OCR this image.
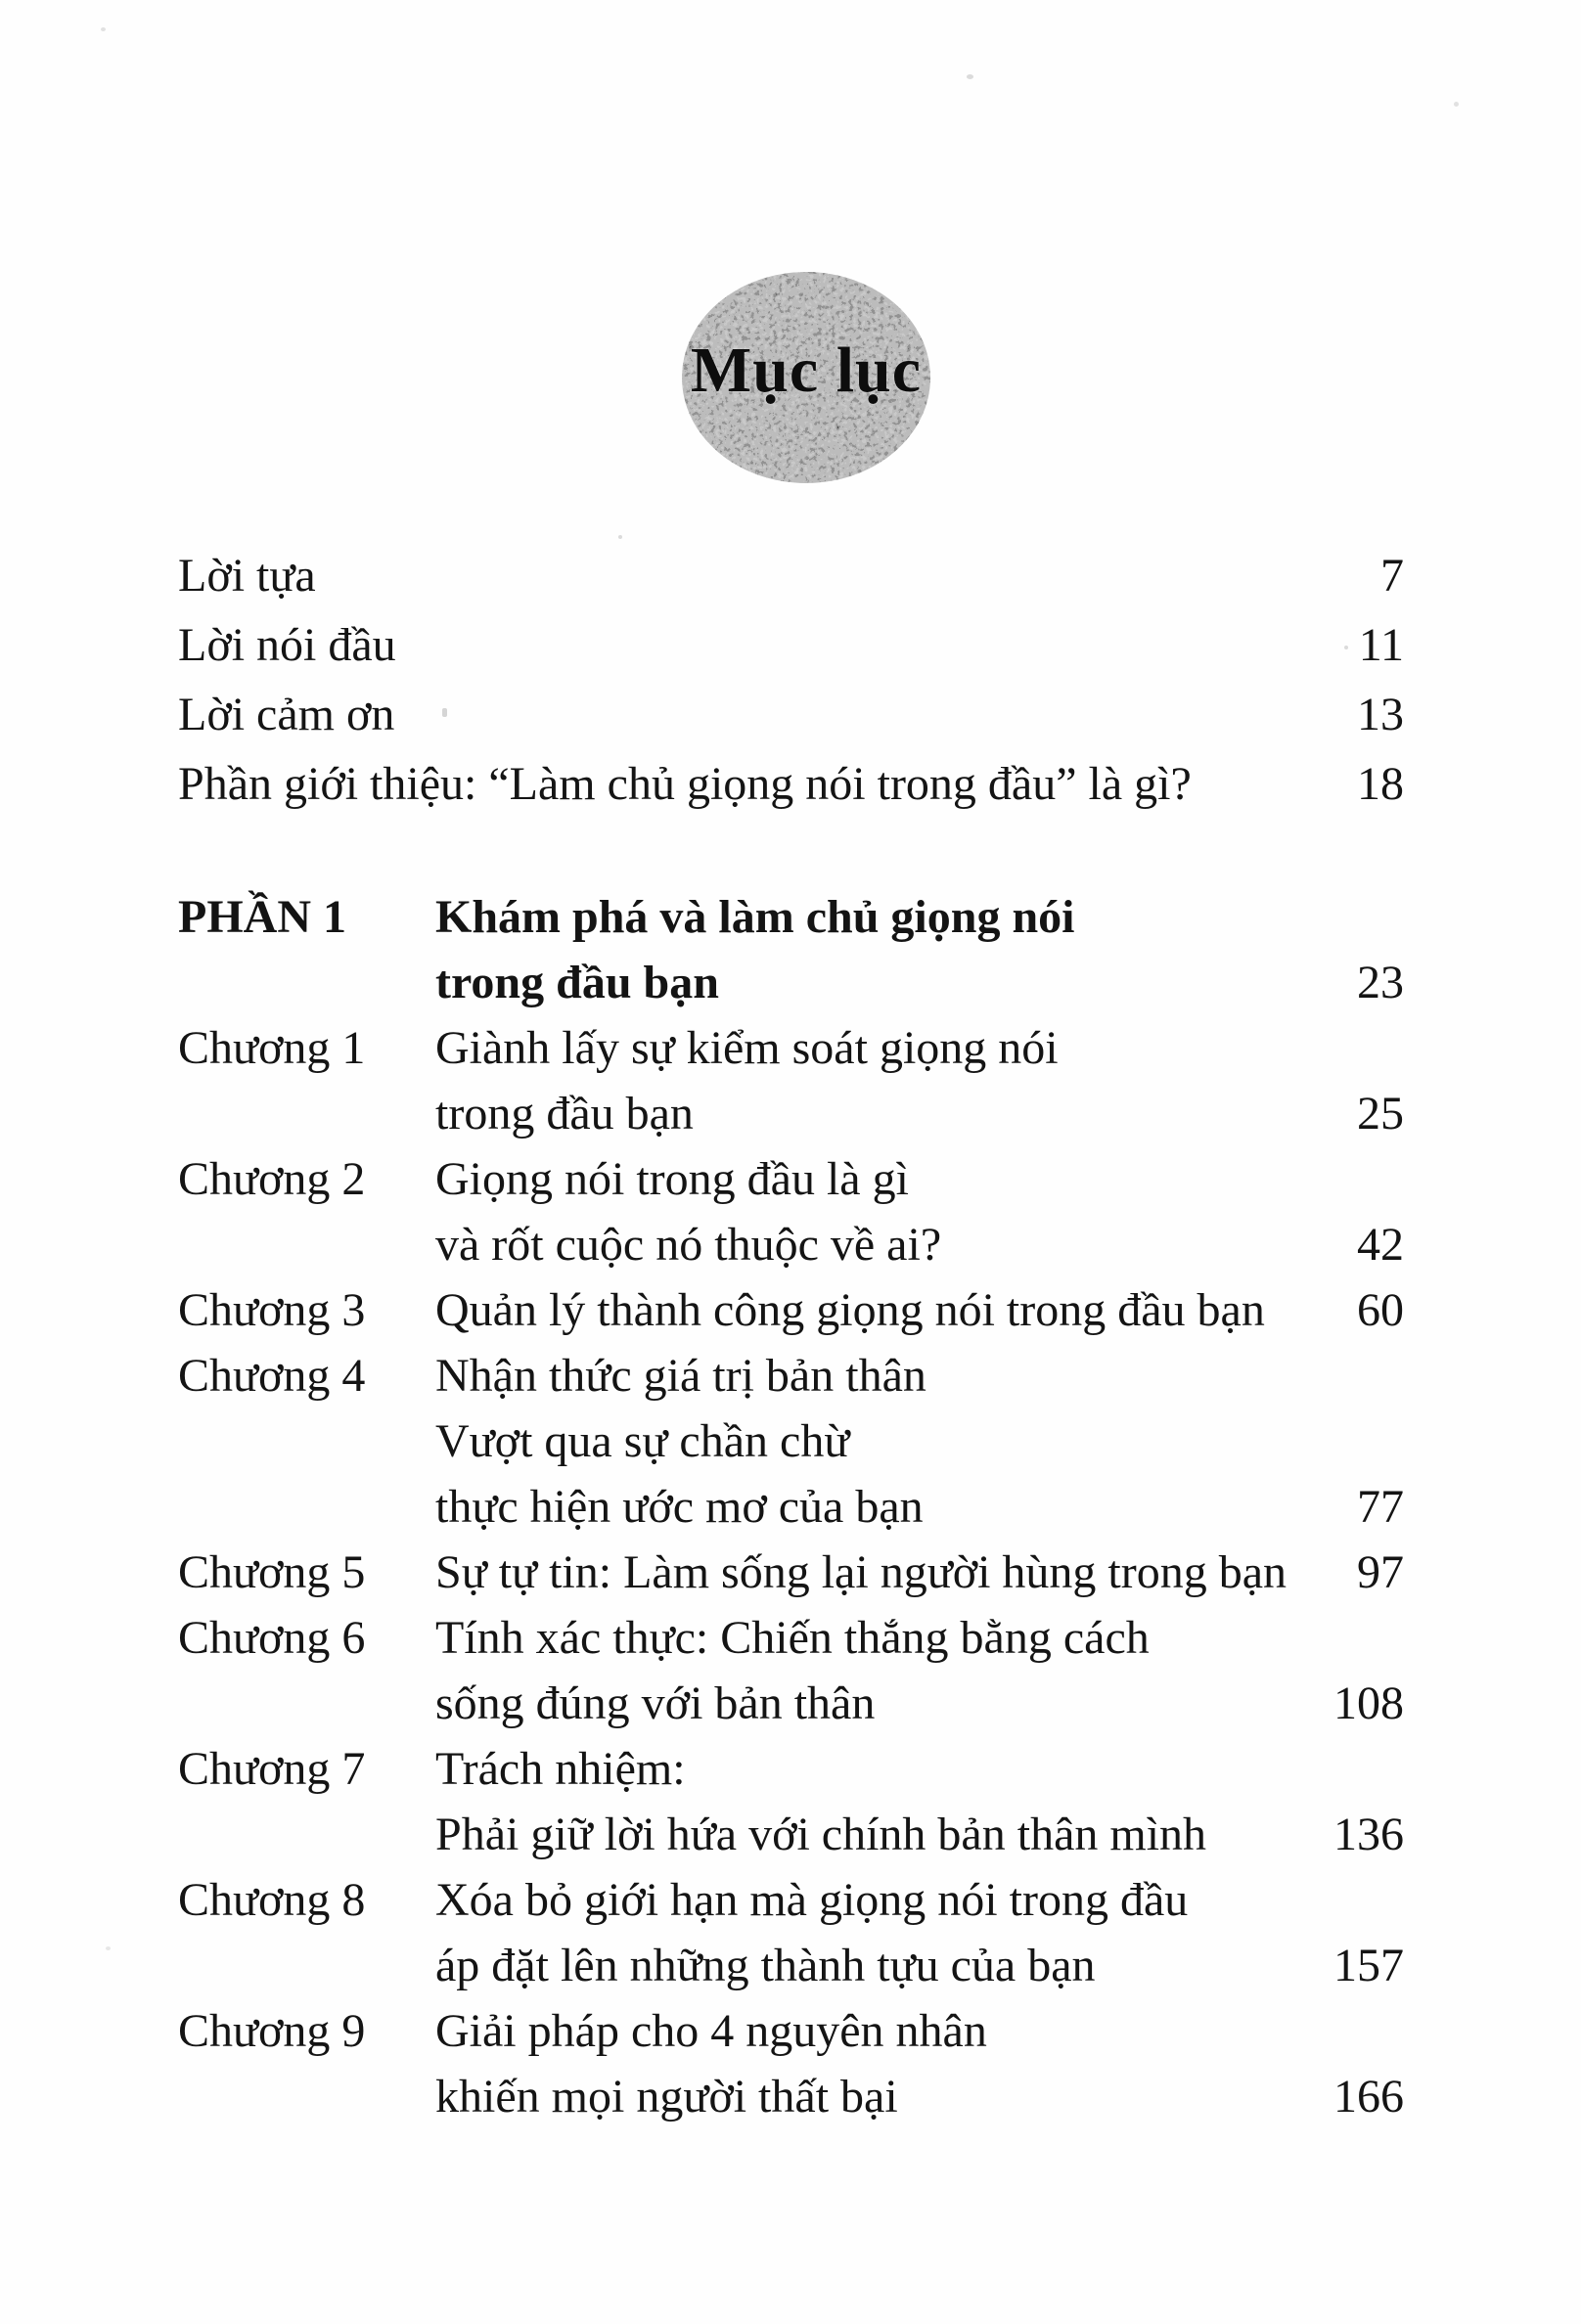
Mục lục
Lời tựa	7
Lời nói đầu	11
Lời cảm ơn	13
Phần giới thiệu: “Làm chủ giọng nói trong đầu” là gì?	18
PHẦN 1	Khám phá và làm chủ giọng nói
trong đầu bạn	23
Chương 1	Giành lấy sự kiểm soát giọng nói
trong đầu bạn	25
Chương 2	Giọng nói trong đầu là gì
và rốt cuộc nó thuộc về ai?	42
Chương 3	Quản lý thành công giọng nói trong đầu bạn	60
Chương 4	Nhận thức giá trị bản thân
Vượt qua sự chần chừ
thực hiện ước mơ của bạn	77
Chương 5	Sự tự tin: Làm sống lại người hùng trong bạn	97
Chương 6	Tính xác thực: Chiến thắng bằng cách
sống đúng với bản thân	108
Chương 7	Trách nhiệm:
Phải giữ lời hứa với chính bản thân mình	136
Chương 8	Xóa bỏ giới hạn mà giọng nói trong đầu
áp đặt lên những thành tựu của bạn	157
Chương 9	Giải pháp cho 4 nguyên nhân
khiến mọi người thất bại	166
